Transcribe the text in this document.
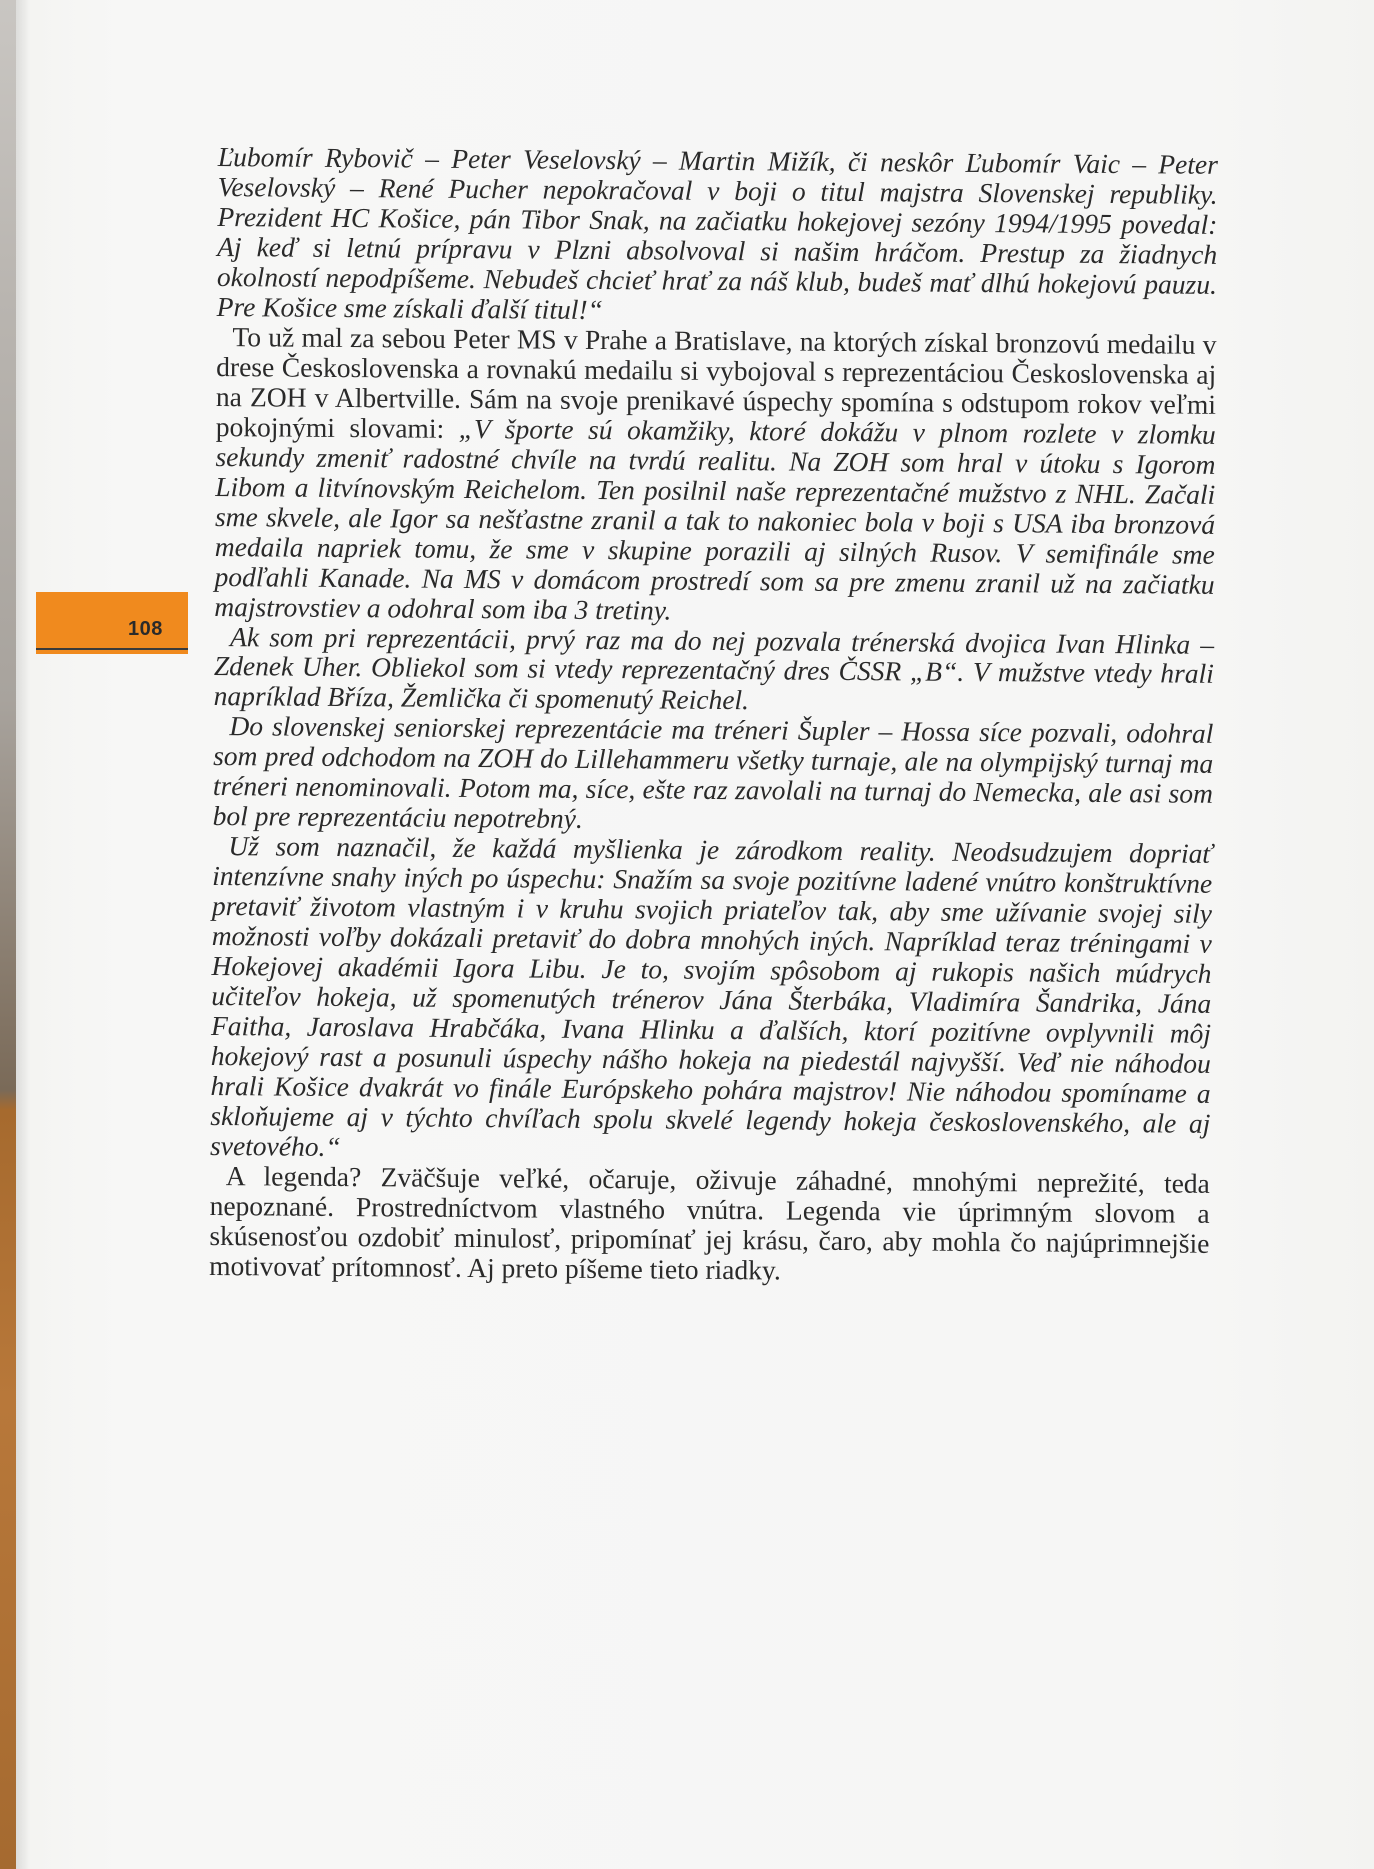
108

Ľubomír Rybovič – Peter Veselovský – Martin Mižík, či neskôr Ľubomír Vaic – Peter Veselovský – René Pucher nepokračoval v boji o titul majstra Slovenskej republiky. Prezident HC Košice, pán Tibor Snak, na začiatku hokejovej sezóny 1994/1995 povedal: Aj keď si letnú prípravu v Plzni absolvoval si našim hráčom. Prestup za žiadnych okolností nepodpíšeme. Nebudeš chcieť hrať za náš klub, budeš mať dlhú hokejovú pauzu. Pre Košice sme získali ďalší titul!“

To už mal za sebou Peter MS v Prahe a Bratislave, na ktorých získal bronzovú medailu v drese Československa a rovnakú medailu si vybojoval s reprezentáciou Československa aj na ZOH v Albertville. Sám na svoje prenikavé úspechy spomína s odstupom rokov veľmi pokojnými slovami: „V športe sú okamžiky, ktoré dokážu v plnom rozlete v zlomku sekundy zmeniť radostné chvíle na tvrdú realitu. Na ZOH som hral v útoku s Igorom Libom a litvínovským Reichelom. Ten posilnil naše reprezentačné mužstvo z NHL. Začali sme skvele, ale Igor sa nešťastne zranil a tak to nakoniec bola v boji s USA iba bronzová medaila napriek tomu, že sme v skupine porazili aj silných Rusov. V semifinále sme podľahli Kanade. Na MS v domácom prostredí som sa pre zmenu zranil už na začiatku majstrovstiev a odohral som iba 3 tretiny.

Ak som pri reprezentácii, prvý raz ma do nej pozvala trénerská dvojica Ivan Hlinka – Zdenek Uher. Obliekol som si vtedy reprezentačný dres ČSSR „B“. V mužstve vtedy hrali napríklad Bříza, Žemlička či spomenutý Reichel.

Do slovenskej seniorskej reprezentácie ma tréneri Šupler – Hossa síce pozvali, odohral som pred odchodom na ZOH do Lillehammeru všetky turnaje, ale na olympijský turnaj ma tréneri nenominovali. Potom ma, síce, ešte raz zavolali na turnaj do Nemecka, ale asi som bol pre reprezentáciu nepotrebný.

Už som naznačil, že každá myšlienka je zárodkom reality. Neodsudzujem dopriať intenzívne snahy iných po úspechu: Snažím sa svoje pozitívne ladené vnútro konštruktívne pretaviť životom vlastným i v kruhu svojich priateľov tak, aby sme užívanie svojej sily možnosti voľby dokázali pretaviť do dobra mnohých iných. Napríklad teraz tréningami v Hokejovej akadémii Igora Libu. Je to, svojím spôsobom aj rukopis našich múdrych učiteľov hokeja, už spomenutých trénerov Jána Šterbáka, Vladimíra Šandrika, Jána Faitha, Jaroslava Hrabčáka, Ivana Hlinku a ďalších, ktorí pozitívne ovplyvnili môj hokejový rast a posunuli úspechy nášho hokeja na piedestál najvyšší. Veď nie náhodou hrali Košice dvakrát vo finále Európskeho pohára majstrov! Nie náhodou spomíname a skloňujeme aj v týchto chvíľach spolu skvelé legendy hokeja československého, ale aj svetového.“

A legenda? Zväčšuje veľké, očaruje, oživuje záhadné, mnohými neprežité, teda nepoznané. Prostredníctvom vlastného vnútra. Legenda vie úprimným slovom a skúsenosťou ozdobiť minulosť, pripomínať jej krásu, čaro, aby mohla čo najúprimnejšie motivovať prítomnosť. Aj preto píšeme tieto riadky.
